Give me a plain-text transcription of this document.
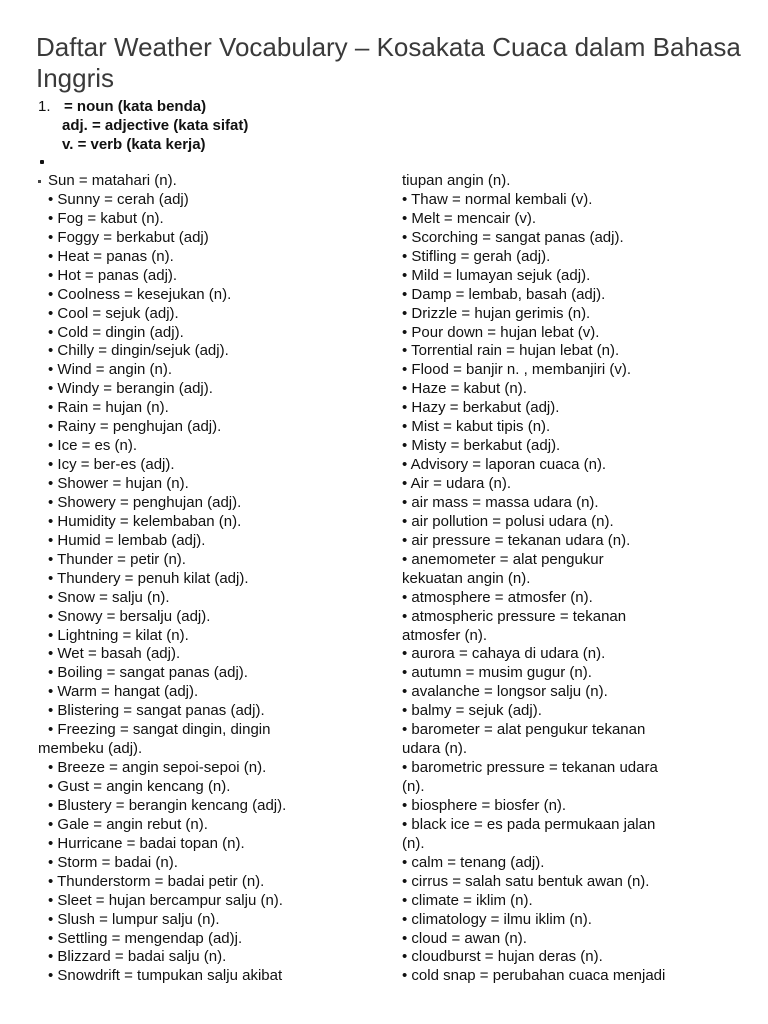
Daftar Weather Vocabulary – Kosakata Cuaca dalam Bahasa Inggris
1. = noun (kata benda)
adj. = adjective (kata sifat)
v. = verb (kata kerja)
Sun = matahari (n).
• Sunny = cerah (adj)
• Fog = kabut (n).
• Foggy = berkabut (adj)
• Heat = panas (n).
• Hot = panas (adj).
• Coolness = kesejukan (n).
• Cool = sejuk (adj).
• Cold = dingin (adj).
• Chilly = dingin/sejuk (adj).
• Wind = angin (n).
• Windy = berangin (adj).
• Rain = hujan (n).
• Rainy = penghujan (adj).
• Ice = es (n).
• Icy = ber-es (adj).
• Shower = hujan (n).
• Showery = penghujan (adj).
• Humidity = kelembaban (n).
• Humid = lembab (adj).
• Thunder = petir (n).
• Thundery = penuh kilat (adj).
• Snow = salju (n).
• Snowy = bersalju (adj).
• Lightning = kilat (n).
• Wet = basah (adj).
• Boiling = sangat panas (adj).
• Warm = hangat (adj).
• Blistering = sangat panas (adj).
• Freezing = sangat dingin, dingin
membeku (adj).
• Breeze = angin sepoi-sepoi (n).
• Gust = angin kencang (n).
• Blustery = berangin kencang (adj).
• Gale = angin rebut (n).
• Hurricane = badai topan (n).
• Storm = badai (n).
• Thunderstorm = badai petir (n).
• Sleet = hujan bercampur salju (n).
• Slush = lumpur salju (n).
• Settling = mengendap (ad)j.
• Blizzard = badai salju (n).
• Snowdrift = tumpukan salju akibat
tiupan angin (n).
• Thaw = normal kembali (v).
• Melt = mencair (v).
• Scorching = sangat panas (adj).
• Stifling = gerah (adj).
• Mild = lumayan sejuk (adj).
• Damp = lembab, basah (adj).
• Drizzle = hujan gerimis (n).
• Pour down = hujan lebat (v).
• Torrential rain = hujan lebat (n).
• Flood = banjir n. , membanjiri (v).
• Haze = kabut (n).
• Hazy = berkabut (adj).
• Mist = kabut tipis (n).
• Misty = berkabut (adj).
• Advisory = laporan cuaca (n).
• Air = udara (n).
• air mass = massa udara (n).
• air pollution = polusi udara (n).
• air pressure = tekanan udara (n).
• anemometer = alat pengukur
kekuatan angin (n).
• atmosphere = atmosfer (n).
• atmospheric pressure = tekanan
atmosfer (n).
• aurora = cahaya di udara (n).
• autumn = musim gugur (n).
• avalanche = longsor salju (n).
• balmy = sejuk (adj).
• barometer = alat pengukur tekanan
udara (n).
• barometric pressure = tekanan udara
(n).
• biosphere = biosfer (n).
• black ice = es pada permukaan jalan
(n).
• calm = tenang (adj).
• cirrus = salah satu bentuk awan (n).
• climate = iklim (n).
• climatology = ilmu iklim (n).
• cloud = awan (n).
• cloudburst = hujan deras (n).
• cold snap = perubahan cuaca menjadi
